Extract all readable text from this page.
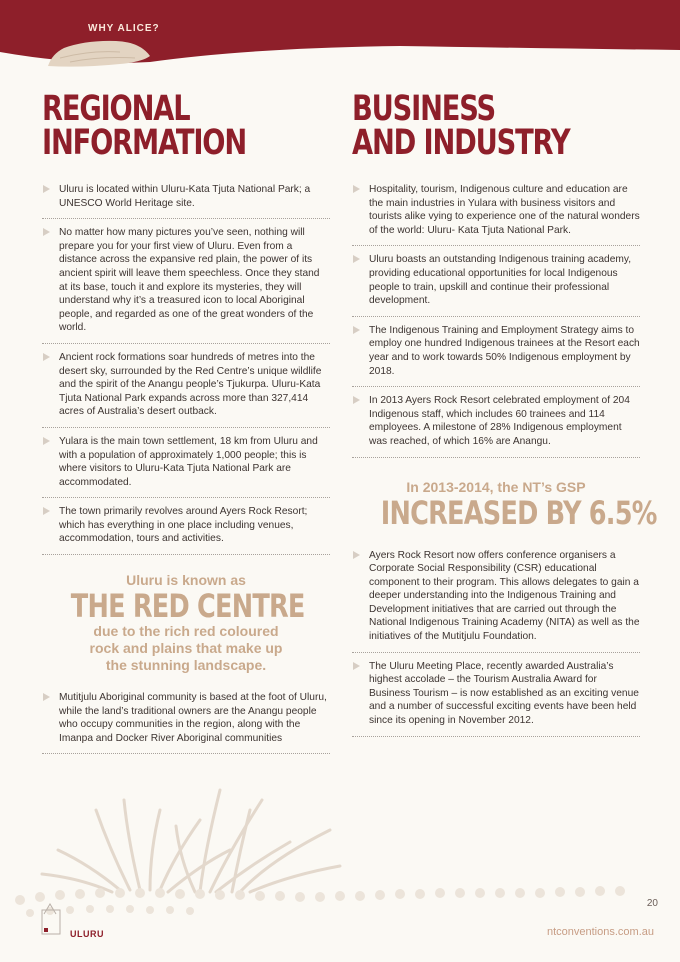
WHY ALICE?
REGIONAL
INFORMATION
Uluru is located within Uluru-Kata Tjuta National Park; a UNESCO World Heritage site.
No matter how many pictures you’ve seen, nothing will prepare you for your first view of Uluru. Even from a distance across the expansive red plain, the power of its ancient spirit will leave them speechless. Once they stand at its base, touch it and explore its mysteries, they will understand why it’s a treasured icon to local Aboriginal people, and regarded as one of the great wonders of the world.
Ancient rock formations soar hundreds of metres into the desert sky, surrounded by the Red Centre’s unique wildlife and the spirit of the Anangu people’s Tjukurpa. Uluru-Kata Tjuta National Park expands across more than 327,414 acres of Australia’s desert outback.
Yulara is the main town settlement, 18 km from Uluru and with a population of approximately 1,000 people; this is where visitors to Uluru-Kata Tjuta National Park are accommodated.
The town primarily revolves around Ayers Rock Resort; which has everything in one place including venues, accommodation, tours and activities.
Uluru is known as
THE RED CENTRE
due to the rich red coloured
rock and plains that make up
the stunning landscape.
Mutitjulu Aboriginal community is based at the foot of Uluru, while the land’s traditional owners are the Anangu people who occupy communities in the region, along with the Imanpa and Docker River Aboriginal communities
BUSINESS
AND INDUSTRY
Hospitality, tourism, Indigenous culture and education are the main industries in Yulara with business visitors and tourists alike vying to experience one of the natural wonders of the world: Uluru- Kata Tjuta National Park.
Uluru boasts an outstanding Indigenous training academy, providing educational opportunities for local Indigenous people to train, upskill and continue their professional development.
The Indigenous Training and Employment Strategy aims to employ one hundred Indigenous trainees at the Resort each year and to work towards 50% Indigenous employment by 2018.
In 2013 Ayers Rock Resort celebrated employment of 204 Indigenous staff, which includes 60 trainees and 114 employees. A milestone of 28% Indigenous employment was reached, of which 16% are Anangu.
In 2013-2014, the NT’s GSP
INCREASED BY 6.5%
Ayers Rock Resort now offers conference organisers a Corporate Social Responsibility (CSR) educational component to their program. This allows delegates to gain a deeper understanding into the Indigenous Training and Development initiatives that are carried out through the National Indigenous Training Academy (NITA) as well as the initiatives of the Mutitjulu Foundation.
The Uluru Meeting Place, recently awarded Australia’s highest accolade – the Tourism Australia Award for Business Tourism – is now established as an exciting venue and a number of successful exciting events have been held since its opening in November 2012.
20
ULURU	ntconventions.com.au
